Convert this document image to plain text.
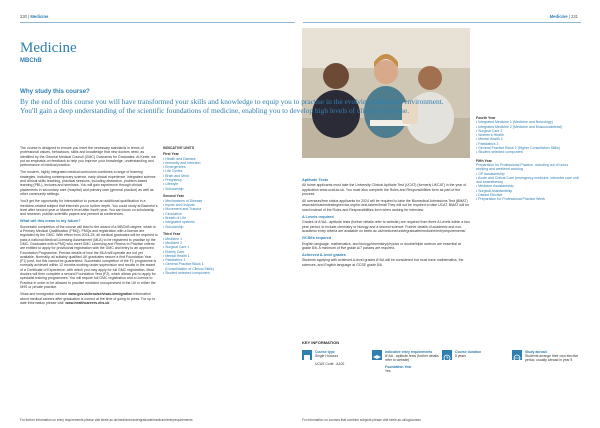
230 | Medicine	Medicine | 231
Medicine
MBChB
Why study this course?

By the end of this course you will have transformed your skills and knowledge to equip you to practise in the evolving healthcare environment. You'll gain a deep understanding of the scientific foundations of medicine, enabling you to develop high levels of clinical expertise.

The course is designed to ensure you meet the necessary standards in terms of professional values, behaviours, skills and knowledge that new doctors need, as identified by the General Medical Council (GMC) Outcomes for Graduates. At Keele, we put an emphasis on feedback to help you improve your knowledge, understanding and performance of medical practice.

The modern, highly integrated medical curriculum combines a range of learning strategies, including contemporary science, early clinical experience, integrated science and clinical skills teaching, practical sessions, including dissection, problem-based learning (PBL), lectures and seminars. You will gain experience through clinical placements in secondary care (hospital) and primary care (general practice) as well as other community settings.

You'll get the opportunity for intercalation to pursue an additional qualification in a medicine-related subject that interests you in further depth. You could study at Bachelor's level after second year or Master's level after fourth year. You can focus on scholarship and research, publish scientific papers and present at conferences.

What will this mean to my future?

Successful completion of the course will lead to the award of a MBChB degree, which is a Primary Medical Qualification (PMQ). PMQs and registration with a licence are regulated by the GMC. With effect from 2024-25, all medical graduates will be required to pass a national Medical Licensing Assessment (MLA) to be registered to practise by the GMC. Graduates with a PMQ who meet GMC Licensing and Fitness to Practise criteria are entitled to apply for provisional registration with the GMC and entry to an approved Foundation Programme. Precise details of how the MLA will operate are not yet available. Normally, all suitably qualified UK graduates secure a first Foundation Year (F1) post, but this cannot be guaranteed. Successful completion of the F1 programme is normally achieved within 12 months working under supervision and results in the award of a Certificate of Experience, with which you may apply for full GMC registration. Most doctors will then complete a second Foundation Year (F2), which allows you to apply for specialist training programmes. You will require full GMC registration and a Licence to Practise in order to be allowed to practise medicine unsupervised in the UK in either the NHS or private practice.

Visas and immigration website www.gov.uk/browse/visas-immigration Information about medical careers after graduation is correct at the time of going to press. For up to date information please visit: www.healthcareers.nhs.uk

INDICATIVE UNITS
First Year
• Health and Disease
• Immunity and Infection
• Emergencies
• Life Cycles
• Brain and Mind
• Pregnancy
• Lifestyle
• Scholarship
Second Year
• Mechanisms of Disease
• Inputs and Outputs
• Movement and Trauma
• Circulation
• Breath of Life
• Integrated systems
• Scholarship
Third Year
• Medicine 1
• Medicine 2
• Surgical Care 1
• Elderly Care
• Mental Health 1
• Paediatrics 1
• General Practice Block 1
(Consolidation of Clinical Skills)
• Student selected component
Aptitude Tests

All home applicants must take the University Clinical Aptitude Test (UCAT) (formerly UKCAT) in the year of application www.ucat.ac.uk. You must also complete the Roles and Responsibilities form as part of the process.

All overseas/free status applicants for 2024 will be required to take the Biomedical Admissions Test (BMAT) www.admissionstestingservice.org/for-test-takers/bmat They will not be required to take UCAT. BMAT will be used instead of the Roles and Responsibilities form when ranking for interview.

A Levels required

Grades of A*AA - aptitude tests (further details refer to website) are required from three A Levels within a two year period, to include chemistry or biology and a second science. Further details of academic and non-academic entry criteria are available on keele.ac.uk/medicine/undergraduate/medicine/entryrequirements/

GCSEs required

English language, mathematics, and biology/chemistry/physics or double/triple science are essential at grade 8/6. A minimum of five grade A/7 passes are required.

Achieved A-level grades

Students applying with achieved A-level grades A*AA will be considered but must have mathematics, the sciences, and English language at GCSE grade 8/6.

Fourth Year
• Integrated Medicine 1 (Medicine and Neurology)
• Integrated Medicine 2 (Medicine and Musculoskeletal)
• Surgical Care 2
• Women's Health
• Mental Health 2
• Paediatrics 2
• General Practice Block 2 (Higher Consultation Skills)
• Student selected component
Fifth Year
Preparation for Professional Practice, including out of hours working and weekend working
• GP Assistantship
• Acute and Critical Care (emergency medicine, intensive care unit and anaesthesia)
• Medicine Assistantship
• Surgical Assistantship
• Distant Elective
• Preparation for Professional Practice Week
KEY INFORMATION
Course type
Single Honours
UCAS Code - A100
Indicative entry requirements
A*AA - aptitude tests (further details refer to website)
Foundation Year
Yes
Course duration
5 years
Study abroad
Students arrange their own elective period, usually abroad in year 5
For further information on entry requirements please visit keele.ac.uk/medicine/undergraduate/medicine/entryrequirements	For information on courses that combine subjects please visit keele.ac.uk/ugcourses
